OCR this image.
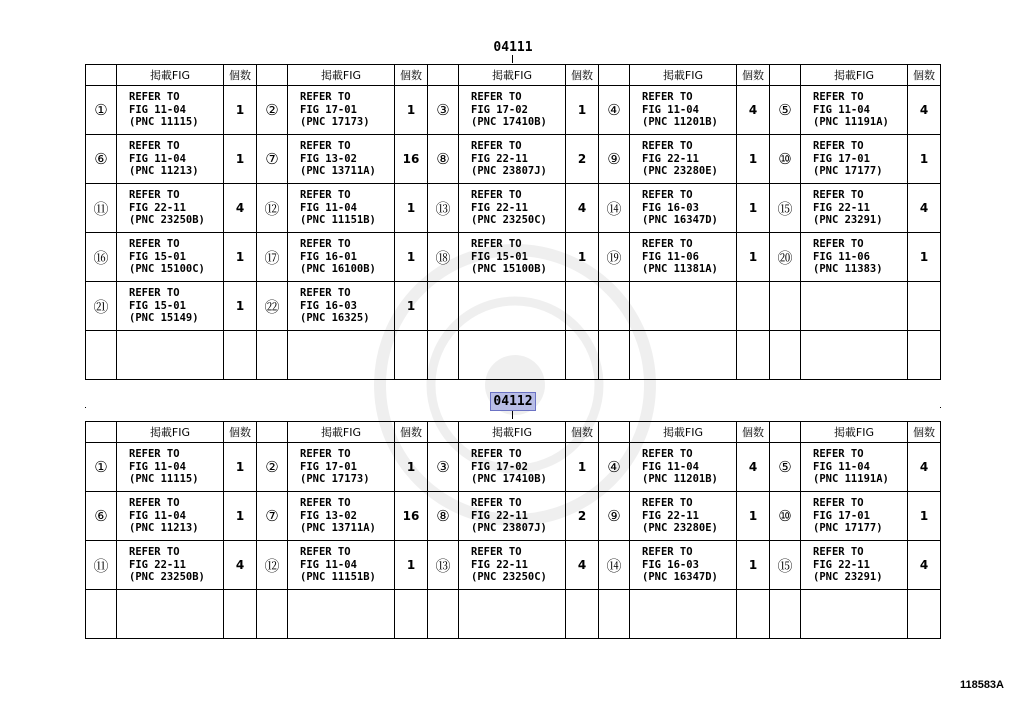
04111
	掲載FIG	個数		掲載FIG	個数		掲載FIG	個数		掲載FIG	個数		掲載FIG	個数
①	REFER TO
FIG 11-04
(PNC 11115)	1	②	REFER TO
FIG 17-01
(PNC 17173)	1	③	REFER TO
FIG 17-02
(PNC 17410B)	1	④	REFER TO
FIG 11-04
(PNC 11201B)	4	⑤	REFER TO
FIG 11-04
(PNC 11191A)	4
⑥	REFER TO
FIG 11-04
(PNC 11213)	1	⑦	REFER TO
FIG 13-02
(PNC 13711A)	16	⑧	REFER TO
FIG 22-11
(PNC 23807J)	2	⑨	REFER TO
FIG 22-11
(PNC 23280E)	1	⑩	REFER TO
FIG 17-01
(PNC 17177)	1
⑪	REFER TO
FIG 22-11
(PNC 23250B)	4	⑫	REFER TO
FIG 11-04
(PNC 11151B)	1	⑬	REFER TO
FIG 22-11
(PNC 23250C)	4	⑭	REFER TO
FIG 16-03
(PNC 16347D)	1	⑮	REFER TO
FIG 22-11
(PNC 23291)	4
⑯	REFER TO
FIG 15-01
(PNC 15100C)	1	⑰	REFER TO
FIG 16-01
(PNC 16100B)	1	⑱	REFER TO
FIG 15-01
(PNC 15100B)	1	⑲	REFER TO
FIG 11-06
(PNC 11381A)	1	⑳	REFER TO
FIG 11-06
(PNC 11383)	1
㉑	REFER TO
FIG 15-01
(PNC 15149)	1	㉒	REFER TO
FIG 16-03
(PNC 16325)	1		

04112
	掲載FIG	個数		掲載FIG	個数		掲載FIG	個数		掲載FIG	個数		掲載FIG	個数
①	REFER TO
FIG 11-04
(PNC 11115)	1	②	REFER TO
FIG 17-01
(PNC 17173)	1	③	REFER TO
FIG 17-02
(PNC 17410B)	1	④	REFER TO
FIG 11-04
(PNC 11201B)	4	⑤	REFER TO
FIG 11-04
(PNC 11191A)	4
⑥	REFER TO
FIG 11-04
(PNC 11213)	1	⑦	REFER TO
FIG 13-02
(PNC 13711A)	16	⑧	REFER TO
FIG 22-11
(PNC 23807J)	2	⑨	REFER TO
FIG 22-11
(PNC 23280E)	1	⑩	REFER TO
FIG 17-01
(PNC 17177)	1
⑪	REFER TO
FIG 22-11
(PNC 23250B)	4	⑫	REFER TO
FIG 11-04
(PNC 11151B)	1	⑬	REFER TO
FIG 22-11
(PNC 23250C)	4	⑭	REFER TO
FIG 16-03
(PNC 16347D)	1	⑮	REFER TO
FIG 22-11
(PNC 23291)	4

118583A
